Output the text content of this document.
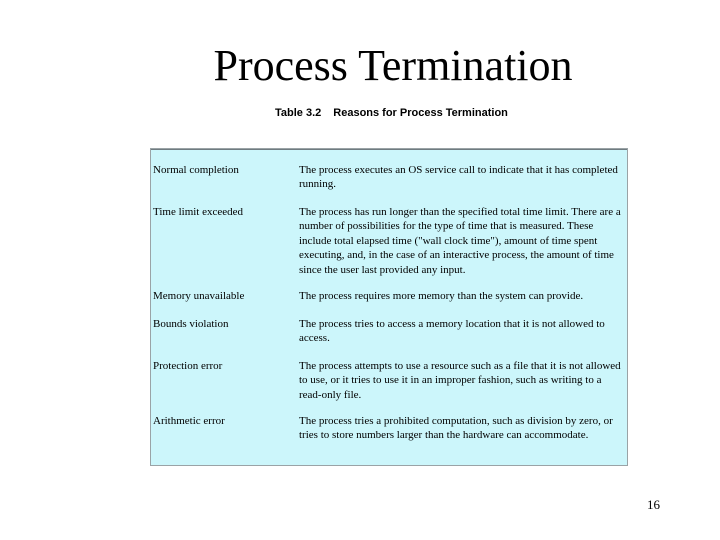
Process Termination
Table 3.2 Reasons for Process Termination
Normal completion	The process executes an OS service call to indicate that it has completed running.
Time limit exceeded	The process has run longer than the specified total time limit. There are a number of possibilities for the type of time that is measured. These include total elapsed time ("wall clock time"), amount of time spent executing, and, in the case of an interactive process, the amount of time since the user last provided any input.
Memory unavailable	The process requires more memory than the system can provide.
Bounds violation	The process tries to access a memory location that it is not allowed to access.
Protection error	The process attempts to use a resource such as a file that it is not allowed to use, or it tries to use it in an improper fashion, such as writing to a read-only file.
Arithmetic error	The process tries a prohibited computation, such as division by zero, or tries to store numbers larger than the hardware can accommodate.
16
